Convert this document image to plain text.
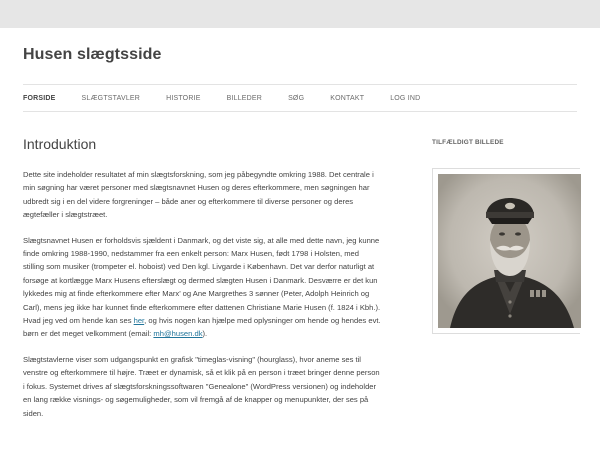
Husen slægtsside
FORSIDE	SLÆGTSTAVLER	HISTORIE	BILLEDER	SØG	KONTAKT	LOG IND
Introduktion

Dette site indeholder resultatet af min slægtsforskning, som jeg påbegyndte omkring 1988. Det centrale i min søgning har været personer med slægtsnavnet Husen og deres efterkommere, men søgningen har udbredt sig i en del videre forgreninger – både aner og efterkommere til diverse personer og deres ægtefæller i slægtstræet.

Slægtsnavnet Husen er forholdsvis sjældent i Danmark, og det viste sig, at alle med dette navn, jeg kunne finde omkring 1988-1990, nedstammer fra een enkelt person: Marx Husen, født 1798 i Holsten, med stilling som musiker (trompeter el. hoboist) ved Den kgl. Livgarde i København. Det var derfor naturligt at forsøge at kortlægge Marx Husens efterslægt og dermed slægten Husen i Danmark. Desværre er det kun lykkedes mig at finde efterkommere efter Marx’ og Ane Margrethes 3 sønner (Peter, Adolph Heinrich og Carl), mens jeg ikke har kunnet finde efterkommere efter dattenen Christiane Marie Husen (f. 1824 i Kbh.). Hvad jeg ved om hende kan ses her, og hvis nogen kan hjælpe med oplysninger om hende og hendes evt. børn er det meget velkomment (email: mh@husen.dk).

Slægtstavlerne viser som udgangspunkt en grafisk "timeglas-visning" (hourglass), hvor aneme ses til venstre og efterkommere til højre. Træet er dynamisk, så et klik på en person i træet bringer denne person i fokus. Systemet drives af slægtsforskningssoftwaren "Genealone" (WordPress versionen) og indeholder en lang række visnings- og søgemuligheder, som vil fremgå af de knapper og menupunkter, der ses på siden.

TILFÆLDIGT BILLEDE
